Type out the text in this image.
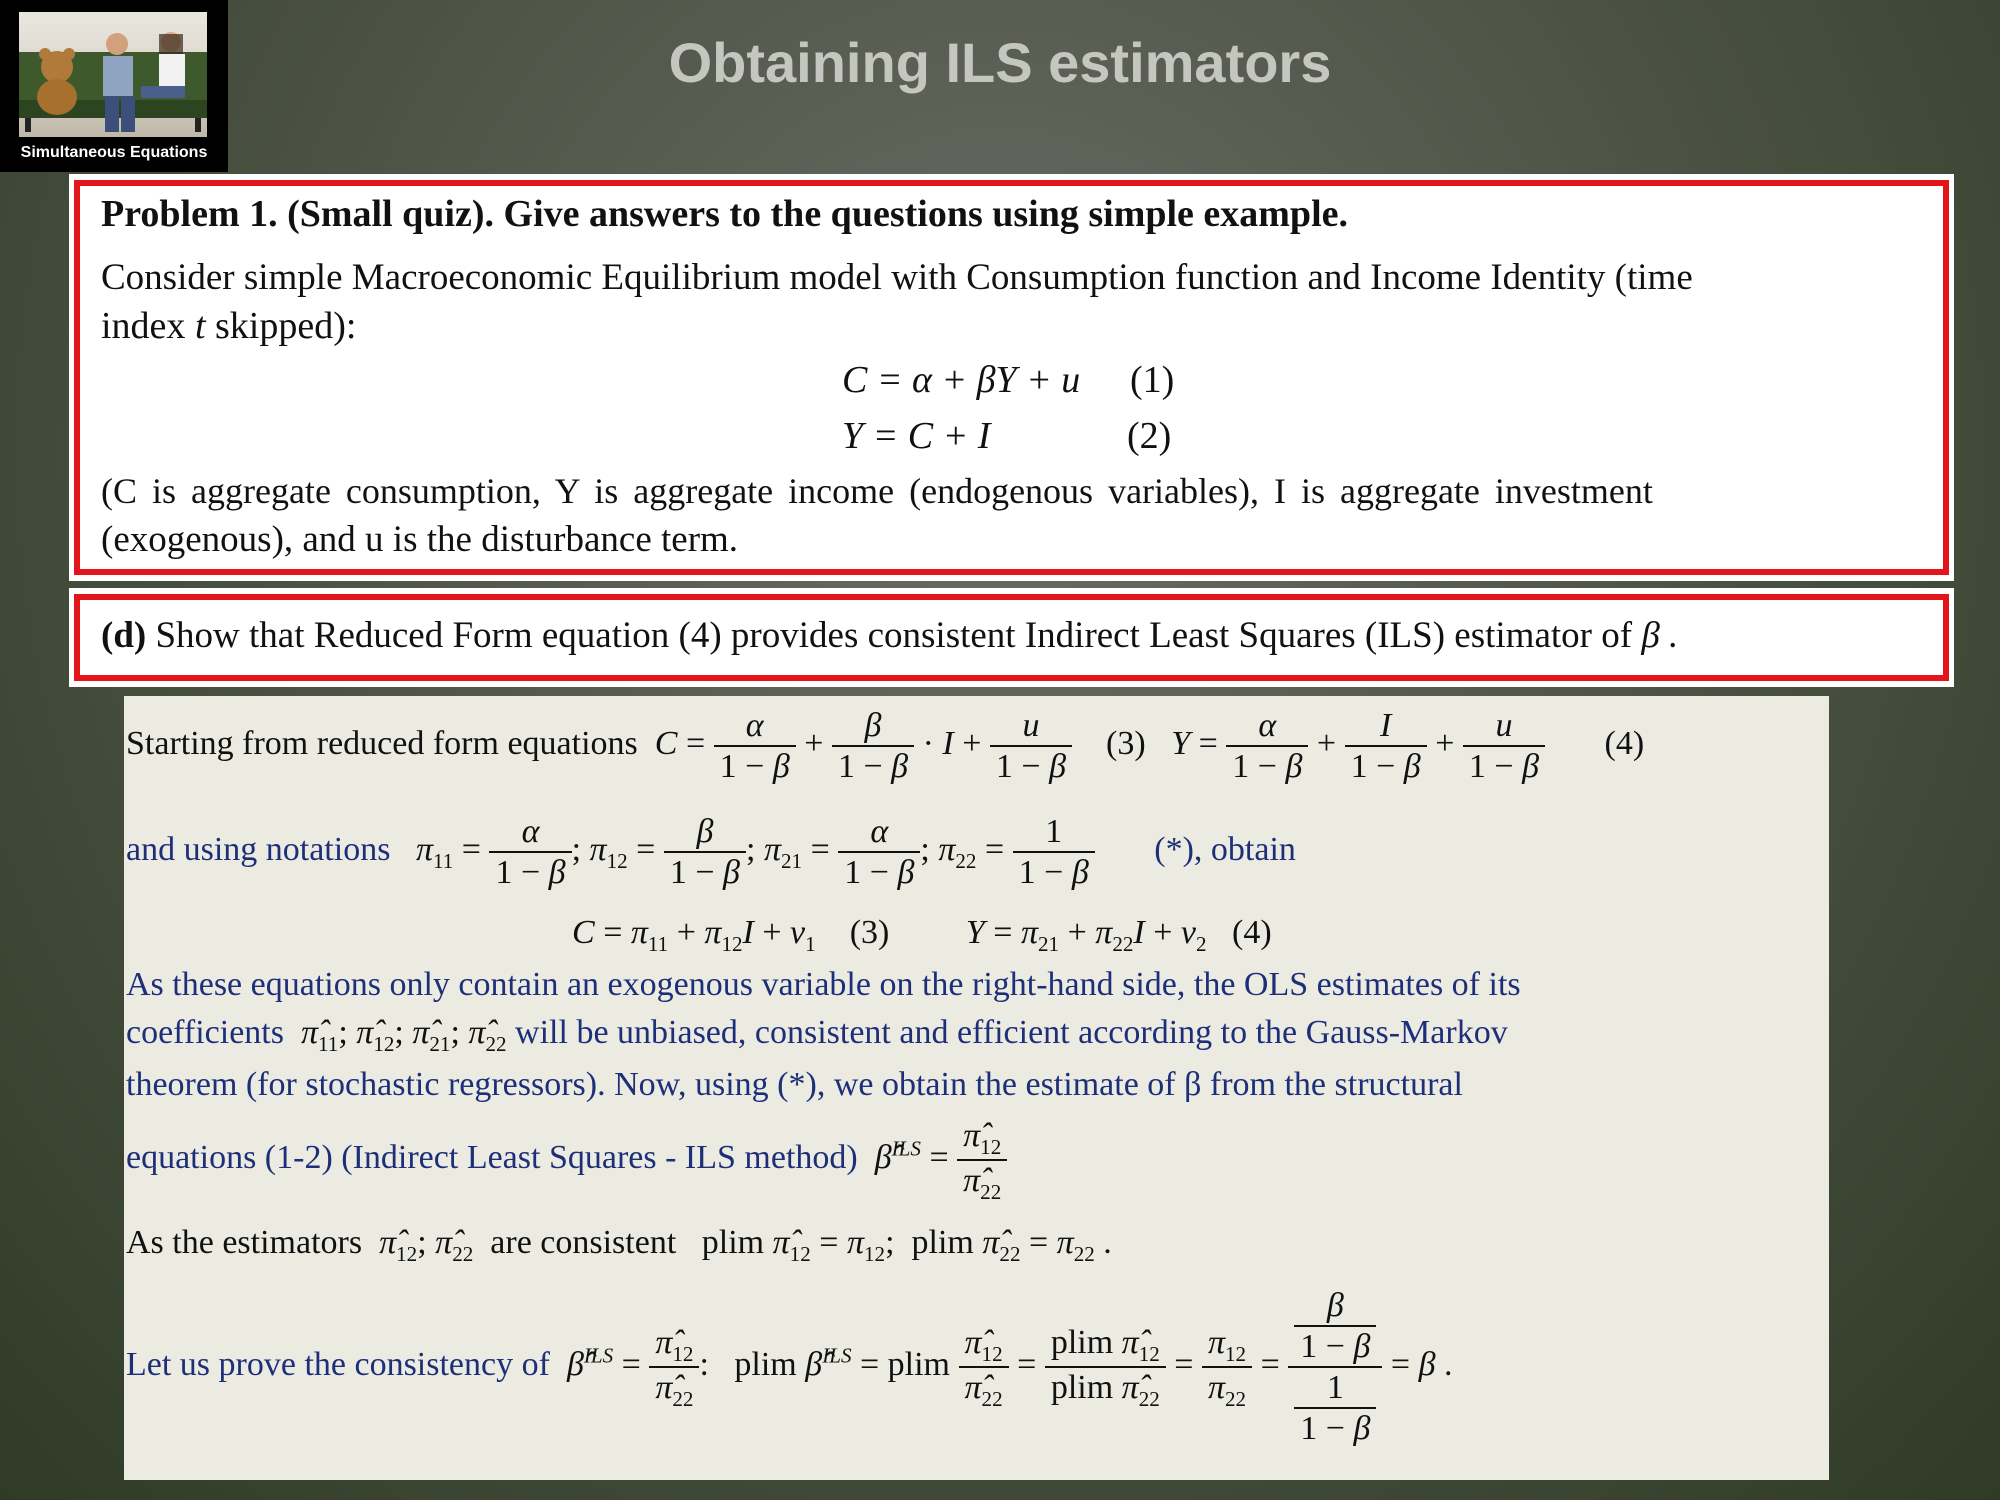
Simultaneous Equations
Obtaining ILS estimators
Problem 1. (Small quiz). Give answers to the questions using simple example.
Consider simple Macroeconomic Equilibrium model with Consumption function and Income Identity (time
index t skipped):
C = α + βY + u (1)
Y = C + I	(2)
(C is aggregate consumption, Y is aggregate income (endogenous variables), I is aggregate investment
(exogenous), and u is the disturbance term.
(d) Show that Reduced Form equation (4) provides consistent Indirect Least Squares (ILS) estimator of β .
Starting from reduced form equations $C = \frac{\alpha}{1 - \beta} + \frac{\beta}{1 - \beta} \cdot I + \frac{u}{1 - \beta} (3) Y = \frac{\alpha}{1 - \beta} + \frac{I}{1 - \beta} + \frac{u}{1 - \beta} (4)$
and using notations $\pi_{11} = \frac{\alpha}{1 - \beta}$ ; $\pi_{12} = \frac{\beta}{1 - \beta}$ ; $\pi_{21} = \frac{\alpha}{1 - \beta}$ ; $\pi_{22} = \frac{1}{1 - \beta}$ (*), obtain
$C = \pi_{11} + \pi_{12}I + v_1$ (3) $Y = \pi_{21} + \pi_{22}I + v_2$ (4)
As these equations only contain an exogenous variable on the right-hand side, the OLS estimates of its
coefficients $\pî_{11}$; $\pî_{12}$; $\pî_{21}$; $\pî_{22}$ will be unbiased, consistent and efficient according to the Gauss-Markov
theorem (for stochastic regressors). Now, using (*), we obtain the estimate of β from the structural
equations (1-2) (Indirect Least Squares - ILS method) β̂$^{ILS}$ = $\frac{\pî_{12}}{\pî_{22}}$
As the estimators $\pî_{12}$; $\pî_{22}$ are consistent   plim $\pî_{12} = \pi_{12}$;  plim $\pî_{22} = \pi_{22}$ .
Let us prove the consistency of β̂$^{ILS}$ = $\frac{\pî_{12}}{\pî_{22}}$ :   plim β̂$^{ILS}$ = plim $\frac{\pî_{12}}{\pî_{22}} = \frac{plim \pî_{12}}{plim \pî_{22}} = \frac{\pi_{12}}{\pi_{22}} = \frac{\frac{\beta}{1 - \beta}}{\frac{1}{1 - \beta}} = \beta$ .
